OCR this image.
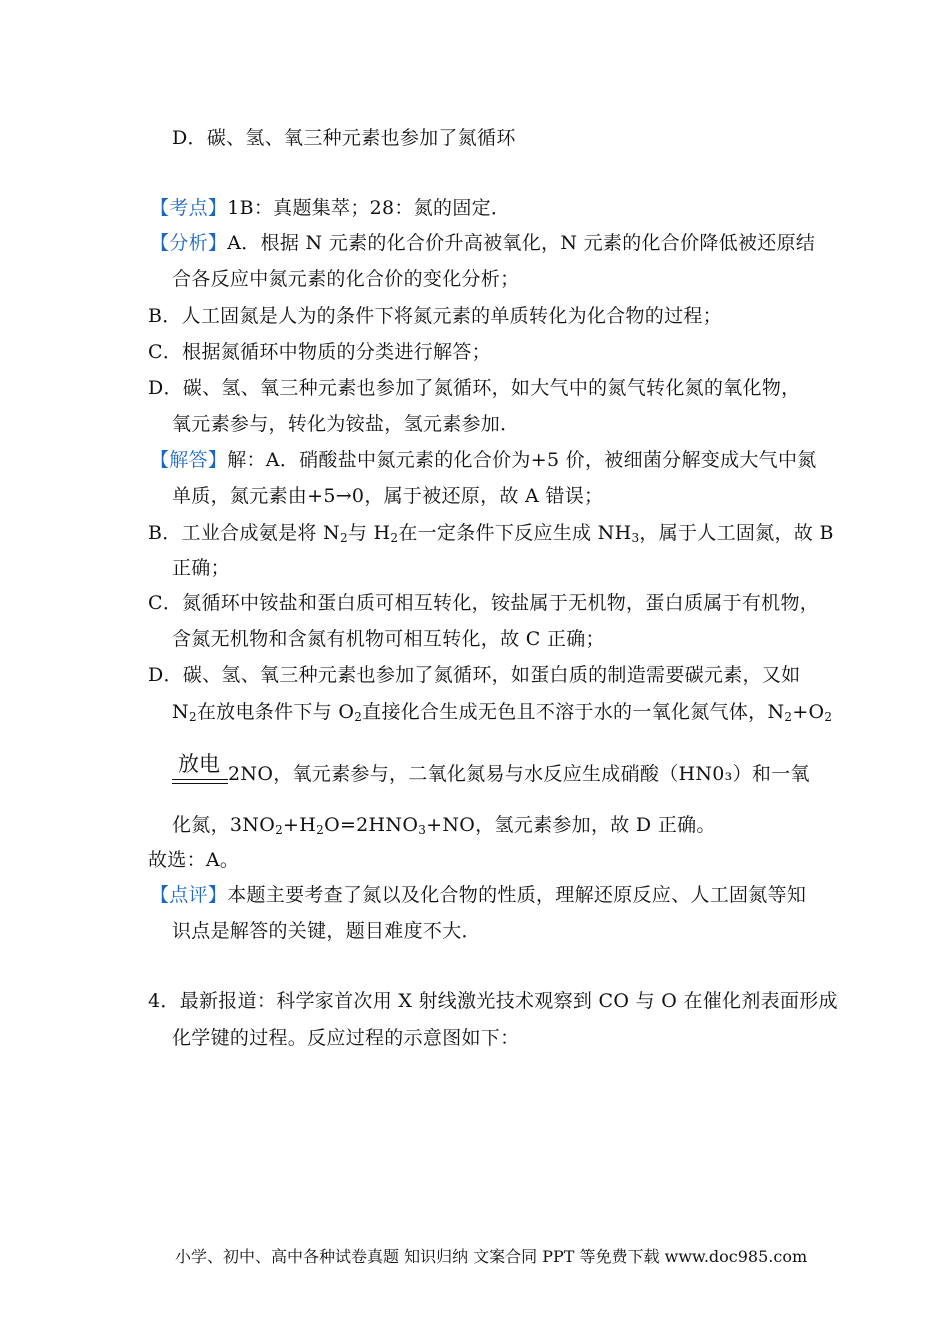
D．碳、氢、氧三种元素也参加了氮循环
【考点】1B：真题集萃；28：氮的固定．
【分析】A．根据 N 元素的化合价升高被氧化，N 元素的化合价降低被还原结
合各反应中氮元素的化合价的变化分析；
B．人工固氮是人为的条件下将氮元素的单质转化为化合物的过程；
C．根据氮循环中物质的分类进行解答；
D．碳、氢、氧三种元素也参加了氮循环，如大气中的氮气转化氮的氧化物，
氧元素参与，转化为铵盐，氢元素参加．
【解答】解：A．硝酸盐中氮元素的化合价为+5 价，被细菌分解变成大气中氮
单质，氮元素由+5→0，属于被还原，故 A 错误；
B．工业合成氨是将 $N_2$与 $H_2$在一定条件下反应生成 $NH_3$，属于人工固氮，故 B
正确；
C．氮循环中铵盐和蛋白质可相互转化，铵盐属于无机物，蛋白质属于有机物，
含氮无机物和含氮有机物可相互转化，故 C 正确；
D．碳、氢、氧三种元素也参加了氮循环，如蛋白质的制造需要碳元素，又如
$N_2$在放电条件下与 $O_2$直接化合生成无色且不溶于水的一氧化氮气体，$N_2+O_2$
放电 2NO，氧元素参与，二氧化氮易与水反应生成硝酸（HN0₃）和一氧
化氮，$3NO_2+H_2O=2HNO_3+NO$，氢元素参加，故 D 正确。
故选：A。
【点评】本题主要考查了氮以及化合物的性质，理解还原反应、人工固氮等知
识点是解答的关键，题目难度不大．
4．最新报道：科学家首次用 X 射线激光技术观察到 CO 与 O 在催化剂表面形成
化学键的过程。反应过程的示意图如下：
小学、初中、高中各种试卷真题 知识归纳 文案合同 PPT 等免费下载 www.doc985.com
